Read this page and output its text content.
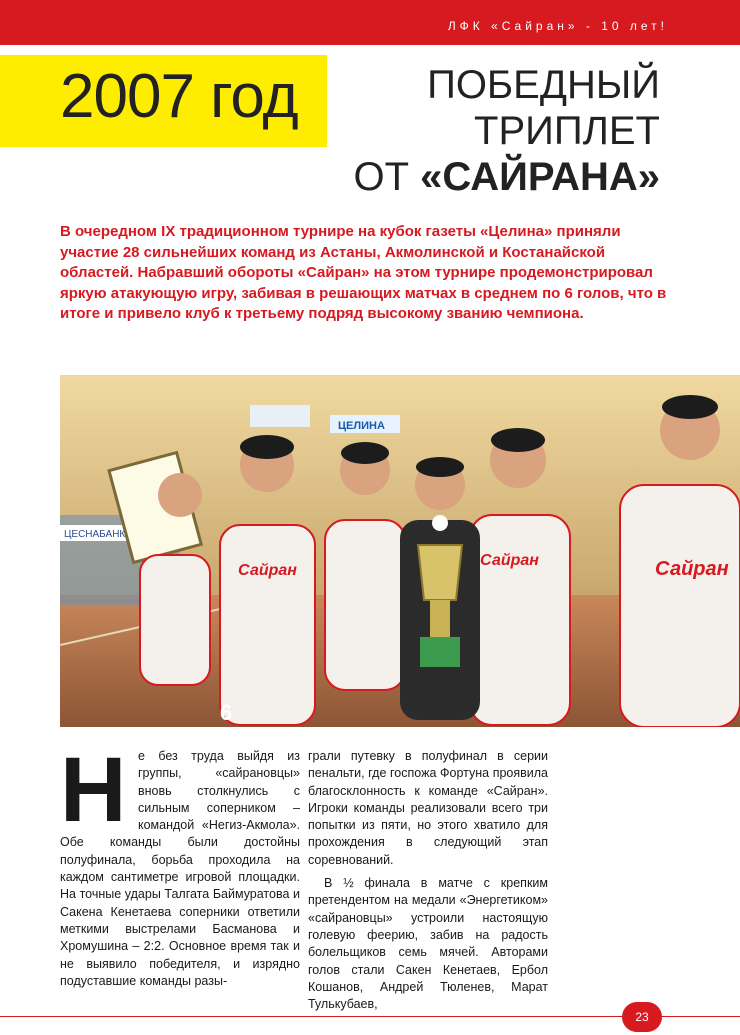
ЛФК «Сайран» - 10 лет!
2007 год	ПОБЕДНЫЙ
ТРИПЛЕТ
ОТ «САЙРАНА»
В очередном IX традиционном турнире на кубок газеты «Целина» приняли участие 28 сильнейших команд из Астаны, Акмолинской и Костанайской областей. Набравший обороты «Сайран» на этом турнире продемонстрировал яркую атакующую игру, забивая в решающих матчах в среднем по 6 голов, что в итоге и привело клуб к третьему подряд высокому званию чемпиона.
ЦЕСНАБАНК
ЦЕЛИНА
Сайран
Сайран	Сайран
6
Н е без труда выйдя из группы, «сайрановцы» вновь столкнулись с сильным соперником – командой «Негиз-Акмола». Обе команды были достойны полуфинала, борьба проходила на каждом сантиметре игровой площадки. На точные удары Талгата Баймуратова и Сакена Кенетаева соперники ответили меткими выстрелами Басманова и Хромушина – 2:2. Основное время так и не выявило победителя, и изрядно подуставшие команды разы-

грали путевку в полуфинал в серии пенальти, где госпожа Фортуна проявила благосклонность к команде «Сайран». Игроки команды реализовали всего три попытки из пяти, но этого хватило для прохождения в следующий этап соревнований.

В ½ финала в матче с крепким претендентом на медали «Энергетиком» «сайрановцы» устроили настоящую голевую феерию, забив на радость болельщиков семь мячей. Авторами голов стали Сакен Кенетаев, Ербол Кошанов, Андрей Тюленев, Марат Тулькубаев,

23
